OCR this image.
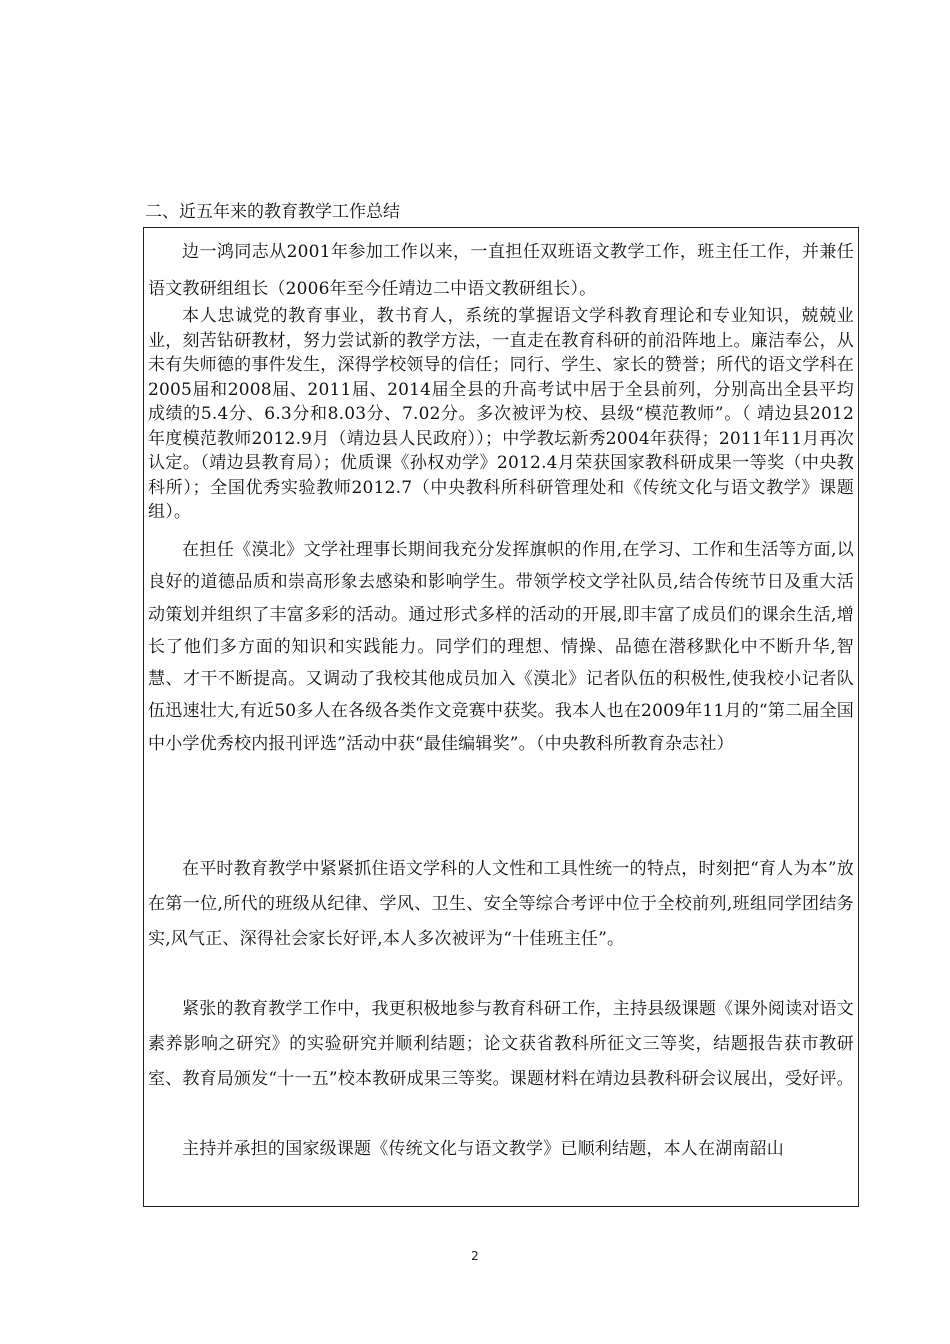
二、近五年来的教育教学工作总结

边一鸿同志从2001年参加工作以来，一直担任双班语文教学工作，班主任工作，并兼任语文教研组组长（2006年至今任靖边二中语文教研组长）。

本人忠诚党的教育事业，教书育人，系统的掌握语文学科教育理论和专业知识，兢兢业业，刻苦钻研教材，努力尝试新的教学方法，一直走在教育科研的前沿阵地上。廉洁奉公，从未有失师德的事件发生，深得学校领导的信任；同行、学生、家长的赞誉；所代的语文学科在2005届和2008届、2011届、2014届全县的升高考试中居于全县前列，分别高出全县平均成绩的5.4分、6.3分和8.03分、7.02分。多次被评为校、县级“模范教师”。（ 靖边县2012年度模范教师2012.9月（靖边县人民政府））；中学教坛新秀2004年获得；2011年11月再次认定。（靖边县教育局）；优质课《孙权劝学》2012.4月荣获国家教科研成果一等奖（中央教科所）；全国优秀实验教师2012.7（中央教科所科研管理处和《传统文化与语文教学》课题组）。

在担任《漠北》文学社理事长期间我充分发挥旗帜的作用,在学习、工作和生活等方面,以良好的道德品质和崇高形象去感染和影响学生。带领学校文学社队员,结合传统节日及重大活动策划并组织了丰富多彩的活动。通过形式多样的活动的开展,即丰富了成员们的课余生活,增长了他们多方面的知识和实践能力。同学们的理想、情操、品德在潜移默化中不断升华,智慧、才干不断提高。又调动了我校其他成员加入《漠北》记者队伍的积极性,使我校小记者队伍迅速壮大,有近50多人在各级各类作文竞赛中获奖。我本人也在2009年11月的“第二届全国中小学优秀校内报刊评选”活动中获“最佳编辑奖”。（中央教科所教育杂志社）

在平时教育教学中紧紧抓住语文学科的人文性和工具性统一的特点，时刻把“育人为本”放在第一位,所代的班级从纪律、学风、卫生、安全等综合考评中位于全校前列,班组同学团结务实,风气正、深得社会家长好评,本人多次被评为“十佳班主任”。

紧张的教育教学工作中，我更积极地参与教育科研工作，主持县级课题《课外阅读对语文素养影响之研究》的实验研究并顺利结题；论文获省教科所征文三等奖，结题报告获市教研室、教育局颁发“十一五”校本教研成果三等奖。课题材料在靖边县教科研会议展出，受好评。

主持并承担的国家级课题《传统文化与语文教学》已顺利结题，本人在湖南韶山

2
